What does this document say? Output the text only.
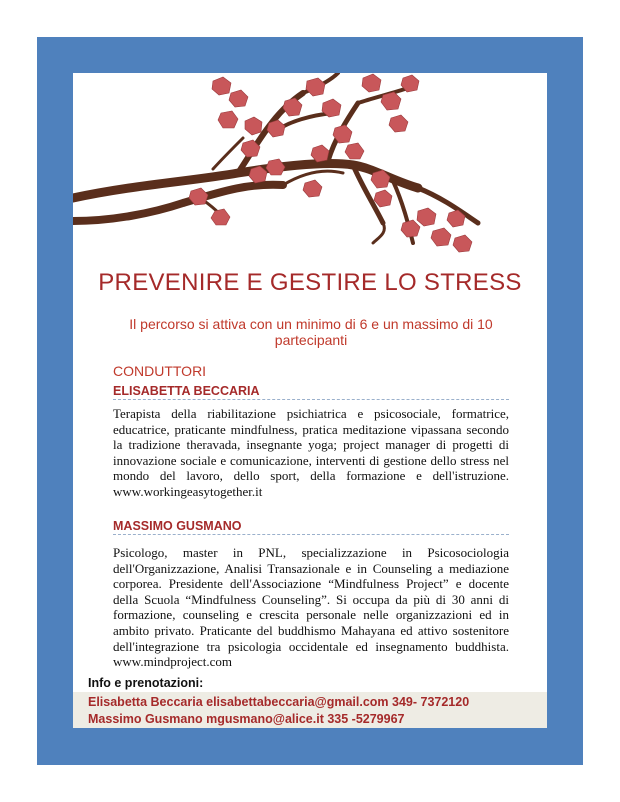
PREVENIRE E GESTIRE LO STRESS
Il percorso si attiva con un minimo di 6 e un massimo di 10 partecipanti
CONDUTTORI
ELISABETTA BECCARIA
Terapista della riabilitazione psichiatrica e psicosociale, formatrice, educatrice, praticante mindfulness, pratica meditazione vipassana secondo la tradizione theravada, insegnante yoga; project manager di progetti di innovazione sociale e comunicazione, interventi di gestione dello stress nel mondo del lavoro, dello sport, della formazione e dell'istruzione. www.workingeasytogether.it
MASSIMO GUSMANO
Psicologo, master in PNL, specializzazione in Psicosociologia dell'Organizzazione, Analisi Transazionale e in Counseling a mediazione corporea. Presidente dell'Associazione “Mindfulness Project” e docente della Scuola “Mindfulness Counseling”. Si occupa da più di 30 anni di formazione, counseling e crescita personale nelle organizzazioni ed in ambito privato. Praticante del buddhismo Mahayana ed attivo sostenitore dell'integrazione tra psicologia occidentale ed insegnamento buddhista. www.mindproject.com
Info e prenotazioni:
Elisabetta Beccaria elisabettabeccaria@gmail.com 349- 7372120
Massimo Gusmano mgusmano@alice.it 335 -5279967
